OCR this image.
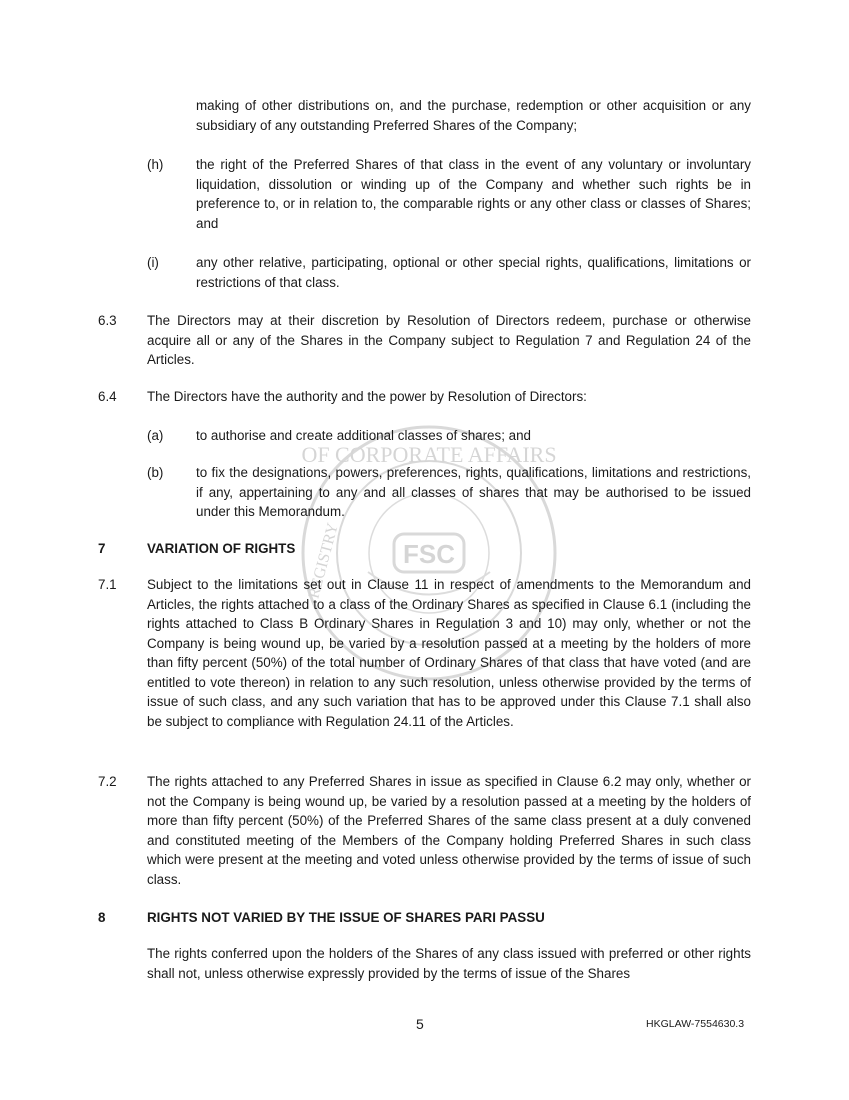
OF CORPORATE AFFAIRS
REGISTRY FSC

making of other distributions on, and the purchase, redemption or other acquisition or any subsidiary of any outstanding Preferred Shares of the Company;

(h) the right of the Preferred Shares of that class in the event of any voluntary or involuntary liquidation, dissolution or winding up of the Company and whether such rights be in preference to, or in relation to, the comparable rights or any other class or classes of Shares; and

(i)	any other relative, participating, optional or other special rights, qualifications, limitations or restrictions of that class.

6.3 The Directors may at their discretion by Resolution of Directors redeem, purchase or otherwise acquire all or any of the Shares in the Company subject to Regulation 7 and Regulation 24 of the Articles.

6.4 The Directors have the authority and the power by Resolution of Directors:

(a) to authorise and create additional classes of shares; and

(b) to fix the designations, powers, preferences, rights, qualifications, limitations and restrictions, if any, appertaining to any and all classes of shares that may be authorised to be issued under this Memorandum.

7	VARIATION OF RIGHTS
7.1 Subject to the limitations set out in Clause 11 in respect of amendments to the Memorandum and Articles, the rights attached to a class of the Ordinary Shares as specified in Clause 6.1 (including the rights attached to Class B Ordinary Shares in Regulation 3 and 10) may only, whether or not the Company is being wound up, be varied by a resolution passed at a meeting by the holders of more than fifty percent (50%) of the total number of Ordinary Shares of that class that have voted (and are entitled to vote thereon) in relation to any such resolution, unless otherwise provided by the terms of issue of such class, and any such variation that has to be approved under this Clause 7.1 shall also be subject to compliance with Regulation 24.11 of the Articles.

7.2 The rights attached to any Preferred Shares in issue as specified in Clause 6.2 may only, whether or not the Company is being wound up, be varied by a resolution passed at a meeting by the holders of more than fifty percent (50%) of the Preferred Shares of the same class present at a duly convened and constituted meeting of the Members of the Company holding Preferred Shares in such class which were present at the meeting and voted unless otherwise provided by the terms of issue of such class.

8	RIGHTS NOT VARIED BY THE ISSUE OF SHARES PARI PASSU

The rights conferred upon the holders of the Shares of any class issued with preferred or other rights shall not, unless otherwise expressly provided by the terms of issue of the Shares

5	HKGLAW-7554630.3
